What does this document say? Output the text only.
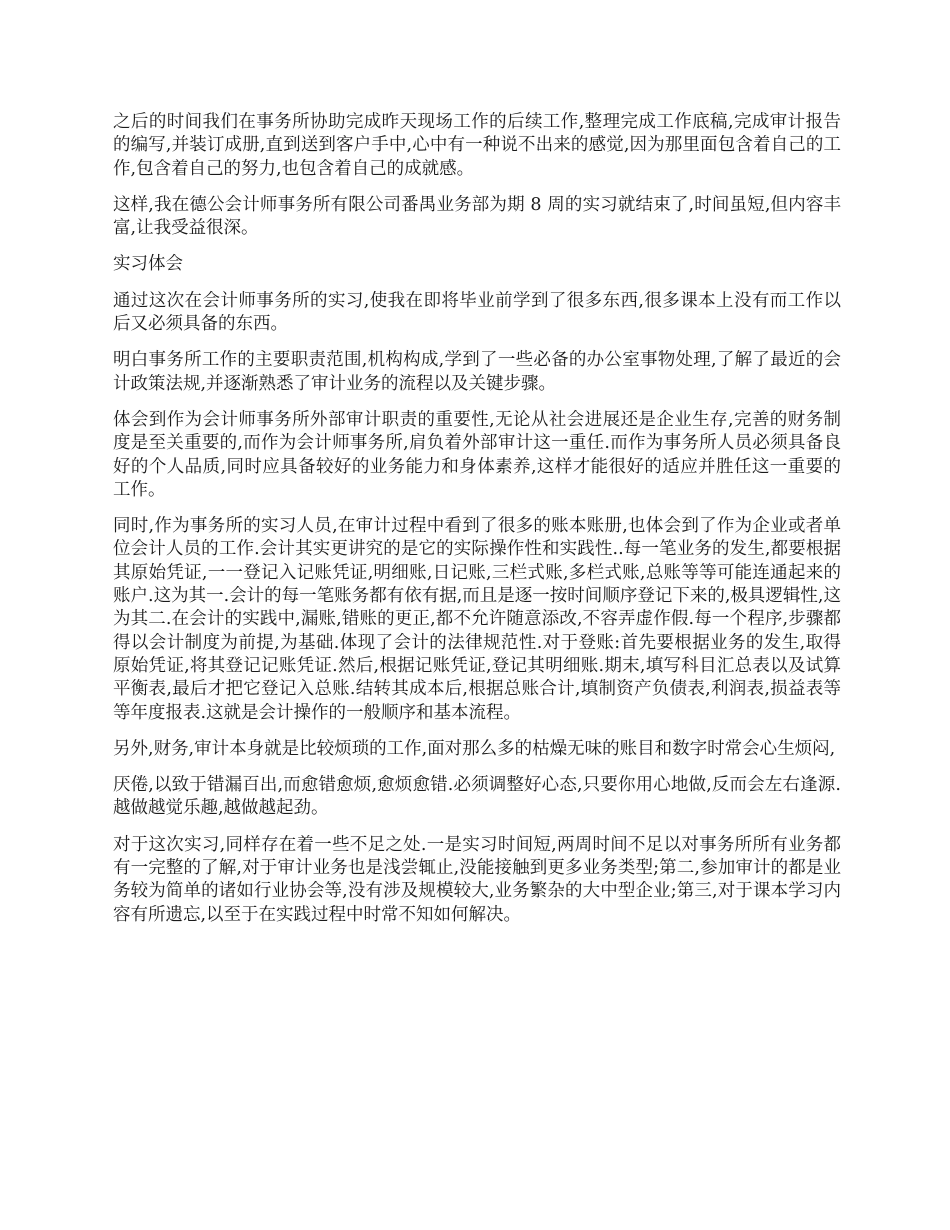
之后的时间我们在事务所协助完成昨天现场工作的后续工作,整理完成工作底稿,完成审计报告的编写,并装订成册,直到送到客户手中,心中有一种说不出来的感觉,因为那里面包含着自己的工作,包含着自己的努力,也包含着自己的成就感。

这样,我在德公会计师事务所有限公司番禺业务部为期 8 周的实习就结束了,时间虽短,但内容丰富,让我受益很深。

实习体会

通过这次在会计师事务所的实习,使我在即将毕业前学到了很多东西,很多课本上没有而工作以后又必须具备的东西。

明白事务所工作的主要职责范围,机构构成,学到了一些必备的办公室事物处理,了解了最近的会计政策法规,并逐渐熟悉了审计业务的流程以及关键步骤。

体会到作为会计师事务所外部审计职责的重要性,无论从社会进展还是企业生存,完善的财务制度是至关重要的,而作为会计师事务所,肩负着外部审计这一重任.而作为事务所人员必须具备良好的个人品质,同时应具备较好的业务能力和身体素养,这样才能很好的适应并胜任这一重要的工作。

同时,作为事务所的实习人员,在审计过程中看到了很多的账本账册,也体会到了作为企业或者单位会计人员的工作.会计其实更讲究的是它的实际操作性和实践性..每一笔业务的发生,都要根据其原始凭证,一一登记入记账凭证,明细账,日记账,三栏式账,多栏式账,总账等等可能连通起来的账户.这为其一.会计的每一笔账务都有依有据,而且是逐一按时间顺序登记下来的,极具逻辑性,这为其二.在会计的实践中,漏账,错账的更正,都不允许随意添改,不容弄虚作假.每一个程序,步骤都得以会计制度为前提,为基础.体现了会计的法律规范性.对于登账:首先要根据业务的发生,取得原始凭证,将其登记记账凭证.然后,根据记账凭证,登记其明细账.期末,填写科目汇总表以及试算平衡表,最后才把它登记入总账.结转其成本后,根据总账合计,填制资产负债表,利润表,损益表等等年度报表.这就是会计操作的一般顺序和基本流程。

另外,财务,审计本身就是比较烦琐的工作,面对那么多的枯燥无味的账目和数字时常会心生烦闷,

厌倦,以致于错漏百出,而愈错愈烦,愈烦愈错.必须调整好心态,只要你用心地做,反而会左右逢源.越做越觉乐趣,越做越起劲。

对于这次实习,同样存在着一些不足之处.一是实习时间短,两周时间不足以对事务所所有业务都有一完整的了解,对于审计业务也是浅尝辄止,没能接触到更多业务类型;第二,参加审计的都是业务较为简单的诸如行业协会等,没有涉及规模较大,业务繁杂的大中型企业;第三,对于课本学习内容有所遗忘,以至于在实践过程中时常不知如何解决。
